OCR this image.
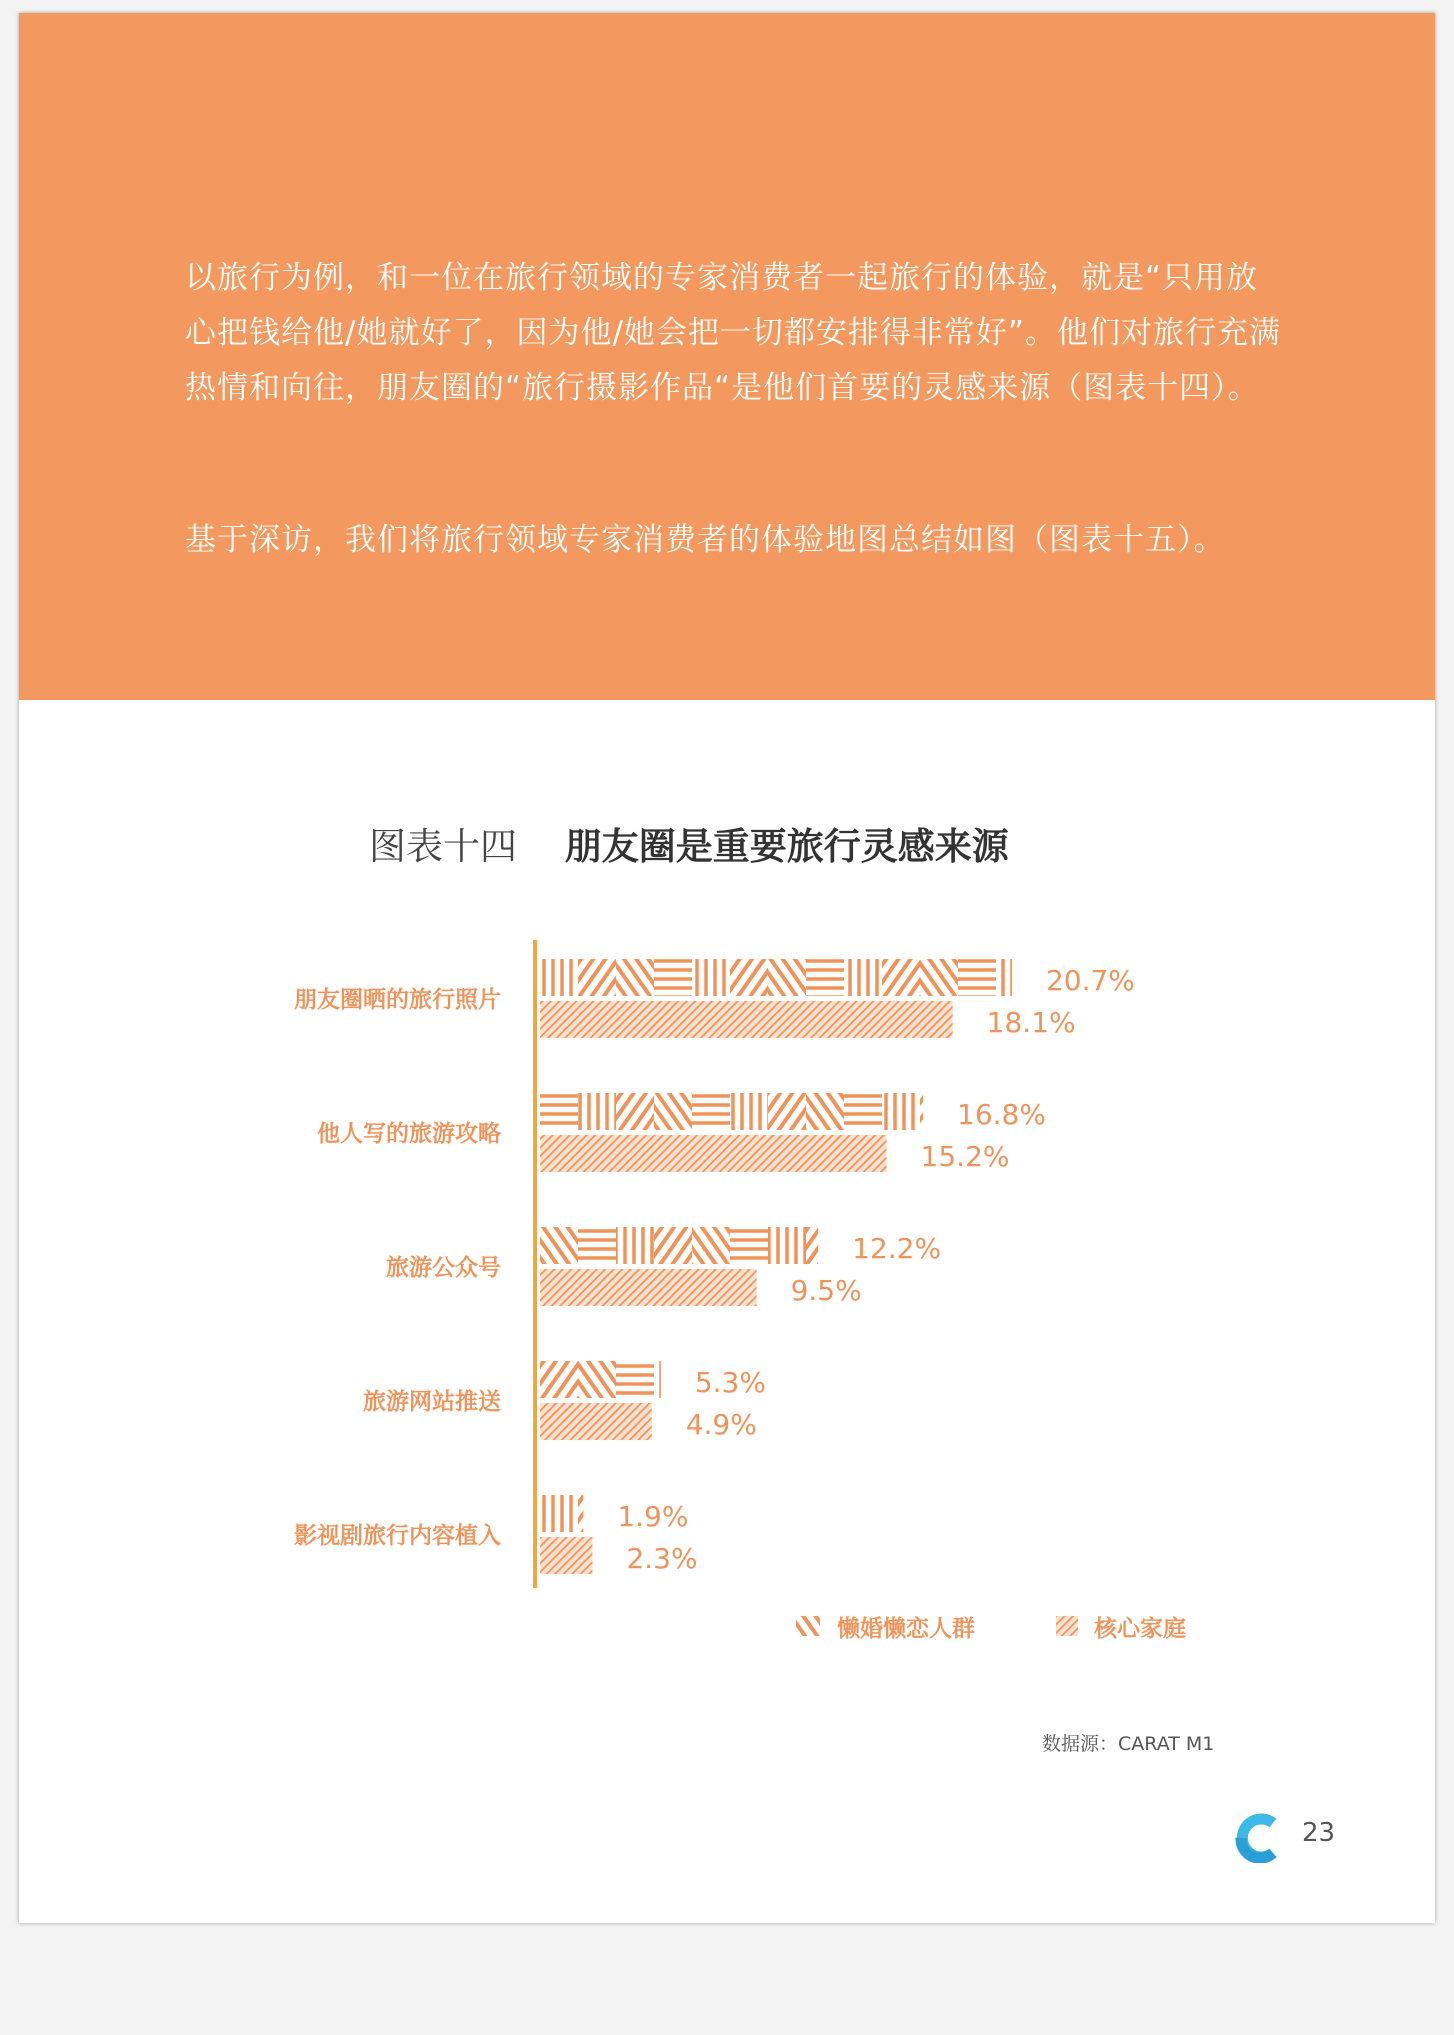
以旅行为例，和一位在旅行领域的专家消费者一起旅行的体验，就是“只用放心把钱给他/她就好了，因为他/她会把一切都安排得非常好”。他们对旅行充满热情和向往，朋友圈的“旅行摄影作品“是他们首要的灵感来源（图表十四）。

基于深访，我们将旅行领域专家消费者的体验地图总结如图（图表十五）。

图表十四 朋友圈是重要旅行灵感来源
朋友圈晒的旅行照片
20.7%
18.1%
他人写的旅游攻略
16.8%
15.2%
旅游公众号
12.2%
9.5%
旅游网站推送
5.3%
4.9%
影视剧旅行内容植入
1.9%
2.3%
懒婚懒恋人群	核心家庭
数据源：CARAT M1
23
